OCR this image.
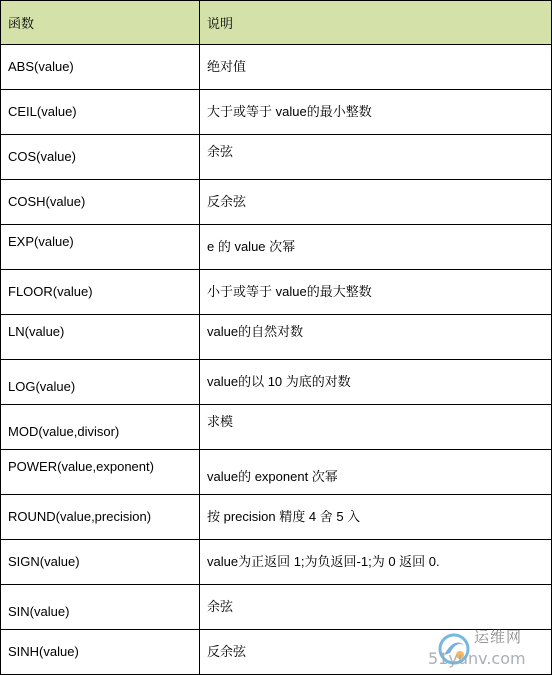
函数	说明

ABS(value)	绝对值

CEIL(value)	大于或等于 value的最小整数

COS(value)	余弦

COSH(value)	反余弦

EXP(value)	e 的 value 次幂

FLOOR(value)	小于或等于 value的最大整数

LN(value)	value的自然对数

LOG(value)	value的以 10 为底的对数

MOD(value,divisor)	求模

POWER(value,exponent)	value的 exponent 次幂

ROUND(value,precision)	按 precision 精度 4 舍 5 入

SIGN(value)	value为正返回 1;为负返回-1;为 0 返回 0.

SIN(value)	余弦

SINH(value)	反余弦
运维网
51yunv.com
